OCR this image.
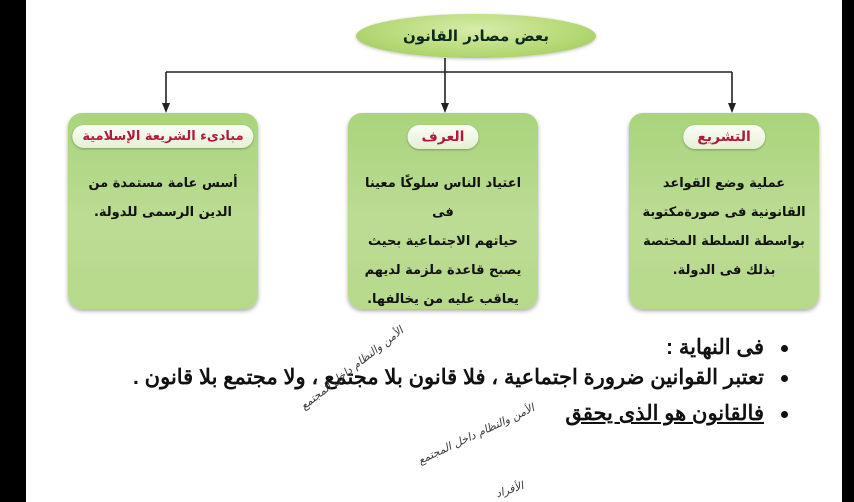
بعض مصادر القانون
التشريع
عملية وضع القواعد
القانونية فى صورةمكتوبة
بواسطة السلطة المختصة
بذلك فى الدولة.
العرف
اعتياد الناس سلوكًا معينا فى
حياتهم الاجتماعية بحيث
يصبح قاعدة ملزمة لديهم
يعاقب عليه من يخالفها.
مبادىء الشريعة الإسلامية
أسس عامة مستمدة من
الدين الرسمى للدولة.
فى النهاية :
تعتبر القوانين ضرورة اجتماعية ، فلا قانون بلا مجتمع ، ولا مجتمع بلا قانون .
فالقانون هو الذى يحقق
الأمن والنظام داخل المجتمع
الأمن والنظام داخل المجتمع
الأفراد
